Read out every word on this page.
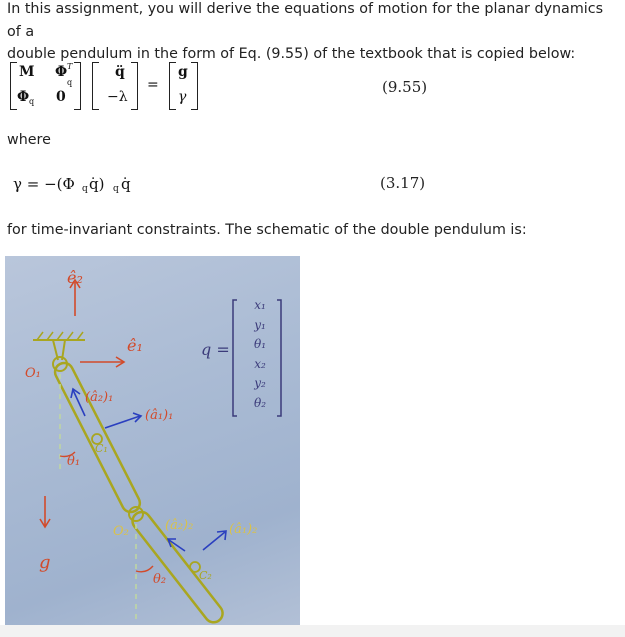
In this assignment, you will derive the equations of motion for the planar dynamics of a
double pendulum in the form of Eq. (9.55) of the textbook that is copied below:

M Φ T
q
Φ q 0
q̈
−λ
=
g
γ
(9.55)

where

γ = −(Φ q q̇) q q̇	(3.17)

for time-invariant constraints. The schematic of the double pendulum is:

ê₂
ê₁
O₁
O₂
C₁
C₂
(â₂)₁
(â₁)₁
(â₂)₂	(â₁)₂
θ₁
θ₂
g
q =
x₁
y₁
θ₁
x₂
y₂
θ₂
